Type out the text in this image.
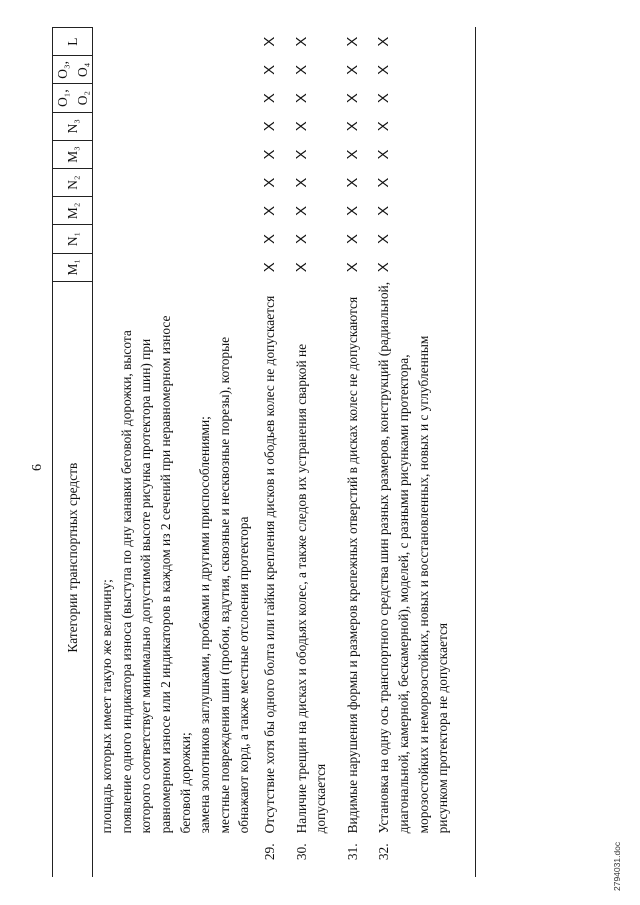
6
	Категории транспортных средств	M₁	N₁	M₂	N₂	M₃	N₃	O₁, O₂	O₃, O₄	L

	площадь которых имеет такую же величину; появление одного индикатора износа (выступа по дну канавки беговой дорожки, высота которого соответствует минимально допустимой высоте рисунка протектора шин) при равномерном износе или 2 индикаторов в каждом из 2 сечений при неравномерном износе беговой дорожки; замена золотников заглушками, пробками и другими приспособлениями; местные повреждения шин (пробои, вздутия, сквозные и несквозные порезы), которые обнажают корд, а также местные отслоения протектора									

29.	Отсутствие хотя бы одного болта или гайки крепления дисков и ободьев колес не допускается	X	X	X	X	X	X	X	X	X
30.	Наличие трещин на дисках и ободьях колес, а также следов их устранения сваркой не допускается	X	X	X	X	X	X	X	X	X
31.	Видимые нарушения формы и размеров крепежных отверстий в дисках колес не допускаются	X	X	X	X	X	X	X	X	X
32.	Установка на одну ось транспортного средства шин разных размеров, конструкций (радиальной, диагональной, камерной, бескамерной), моделей, с разными рисунками протектора, морозостойких и неморозостойких, новых и восстановленных, новых и с углубленным рисунком протектора не допускается	X	X	X	X	X	X	X	X	X
2794031.doc
